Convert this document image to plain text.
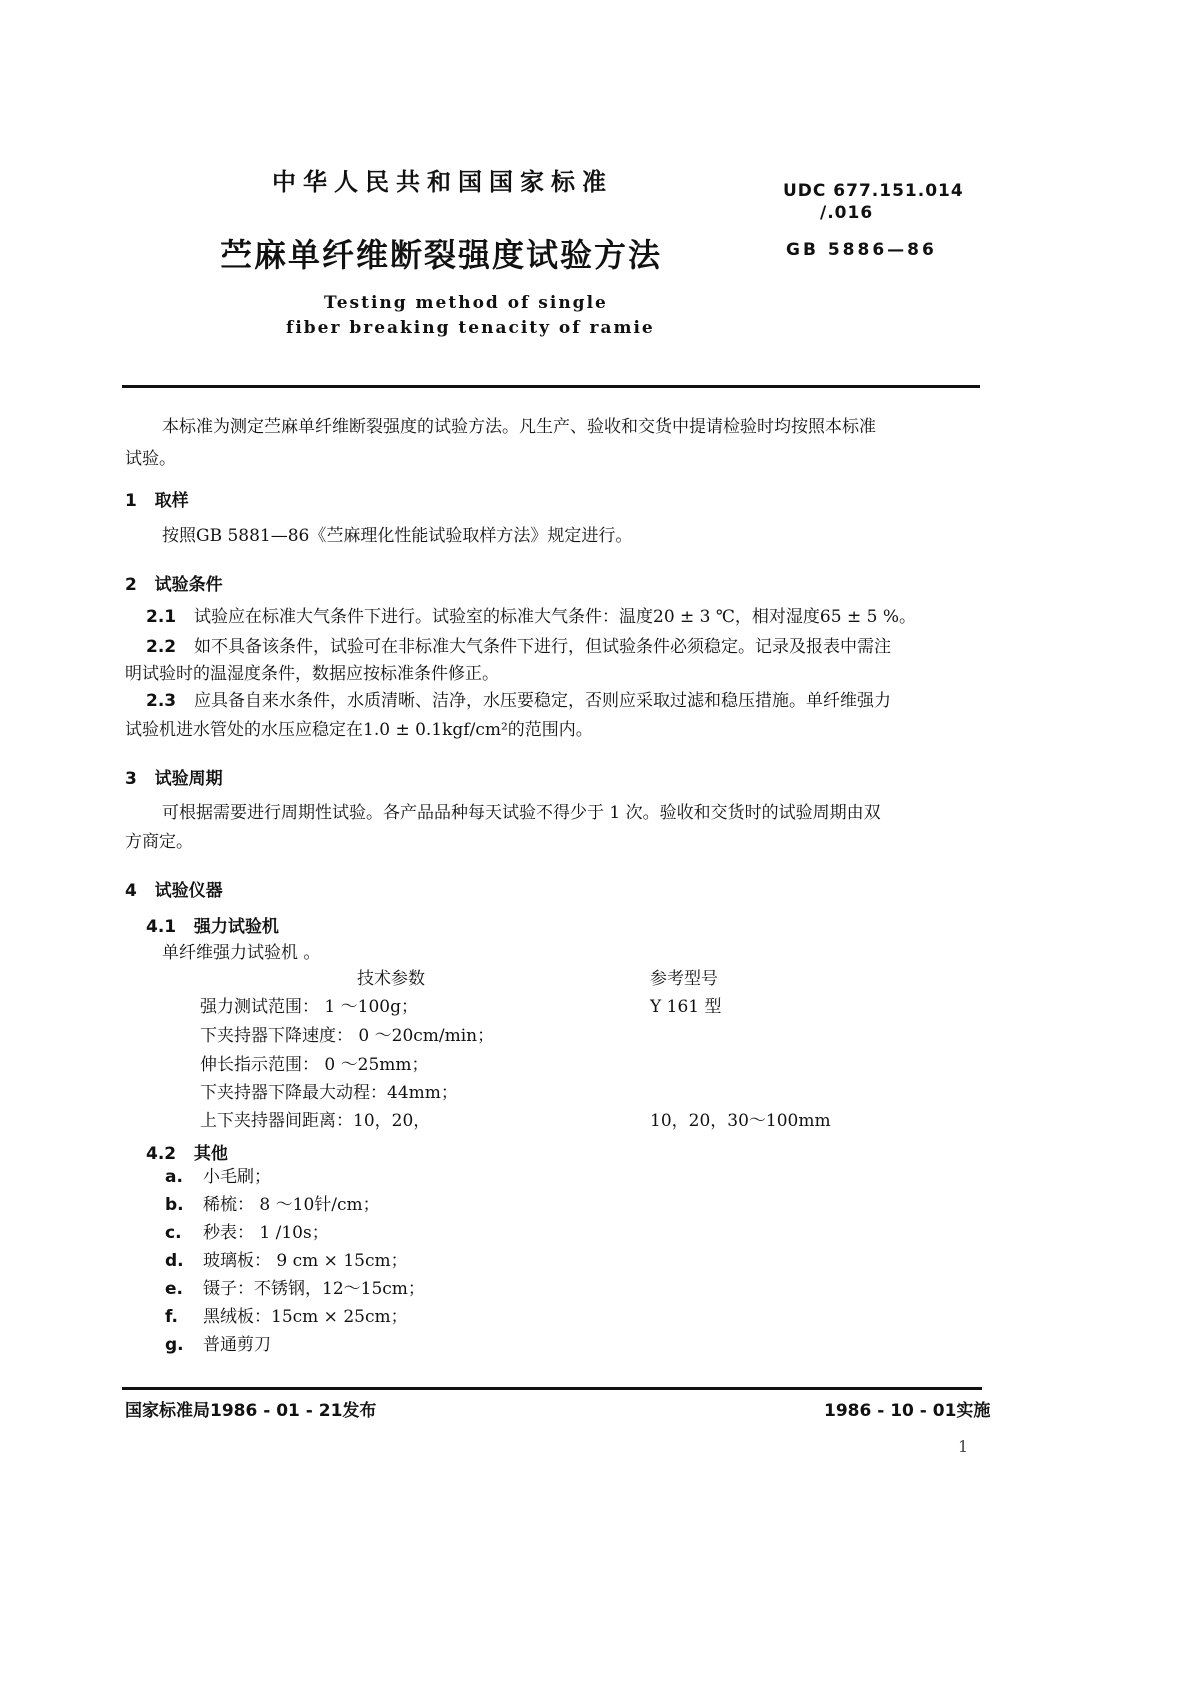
中华人民共和国国家标准	UDC 677.151.014
/.016
苎麻单纤维断裂强度试验方法	GB 5886—86
Testing method of single
fiber breaking tenacity of ramie
本标准为测定苎麻单纤维断裂强度的试验方法。凡生产、验收和交货中提请检验时均按照本标准
试验。
1 取样
按照GB 5881—86《苎麻理化性能试验取样方法》规定进行。
2 试验条件
2.1 试验应在标准大气条件下进行。试验室的标准大气条件：温度20 ± 3 ℃，相对湿度65 ± 5 %。
2.2 如不具备该条件，试验可在非标准大气条件下进行，但试验条件必须稳定。记录及报表中需注
明试验时的温湿度条件，数据应按标准条件修正。
2.3 应具备自来水条件，水质清晰、洁净，水压要稳定，否则应采取过滤和稳压措施。单纤维强力
试验机进水管处的水压应稳定在1.0 ± 0.1kgf/cm²的范围内。
3 试验周期
可根据需要进行周期性试验。各产品品种每天试验不得少于 1 次。验收和交货时的试验周期由双
方商定。
4 试验仪器
4.1 强力试验机
单纤维强力试验机 。
技术参数	参考型号
强力测试范围： 1 ～100g；	Y 161 型
下夹持器下降速度： 0 ～20cm/min；
伸长指示范围： 0 ～25mm；
下夹持器下降最大动程：44mm；
上下夹持器间距离：10，20，	10，20，30～100mm
4.2 其他
a. 小毛刷；
b. 稀梳： 8 ～10针/cm；
c. 秒表： 1 /10s；
d. 玻璃板： 9 cm × 15cm；
e. 镊子：不锈钢，12～15cm；
f. 黑绒板：15cm × 25cm；
g. 普通剪刀
国家标准局1986 - 01 - 21发布	1986 - 10 - 01实施
1
